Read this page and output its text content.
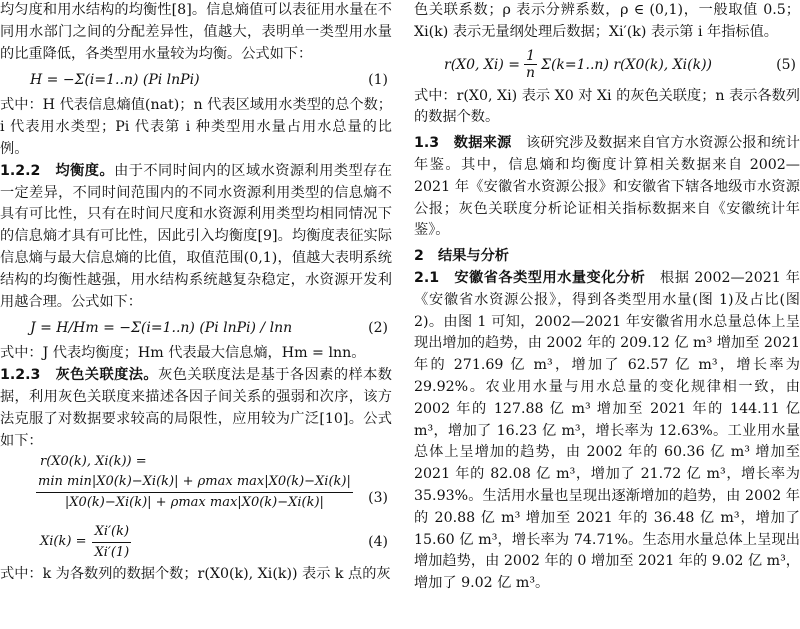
均匀度和用水结构的均衡性[8]。信息熵值可以表征用水量在不同用水部门之间的分配差异性，值越大，表明单一类型用水量的比重降低，各类型用水量较为均衡。公式如下：

H = −Σ(i=1..n) (Pi lnPi)	(1)

式中：H 代表信息熵值(nat)；n 代表区域用水类型的总个数；i 代表用水类型；Pi 代表第 i 种类型用水量占用水总量的比例。

1.2.2　均衡度。由于不同时间内的区域水资源利用类型存在一定差异，不同时间范围内的不同水资源利用类型的信息熵不具有可比性，只有在时间尺度和水资源利用类型均相同情况下的信息熵才具有可比性，因此引入均衡度[9]。均衡度表征实际信息熵与最大信息熵的比值，取值范围(0,1)，值越大表明系统结构的均衡性越强，用水结构系统越复杂稳定，水资源开发利用越合理。公式如下：

J = H/Hm = −Σ(i=1..n) (Pi lnPi) / lnn	(2)

式中：J 代表均衡度；Hm 代表最大信息熵，Hm = lnn。

1.2.3　灰色关联度法。灰色关联度法是基于各因素的样本数据，利用灰色关联度来描述各因子间关系的强弱和次序，该方法克服了对数据要求较高的局限性，应用较为广泛[10]。公式如下：

r(X0(k), Xi(k)) =
$\frac{\text{min min|X0(k)−Xi(k)| + ρmax max|X0(k)−Xi(k)|}}{\text{|X0(k)−Xi(k)| + ρmax max|X0(k)−Xi(k)|}} (3)$
$Xi(k) = \frac{Xi'(k)}{Xi'(1)}$	(4)

式中：k 为各数列的数据个数；r(X0(k), Xi(k)) 表示 k 点的灰

色关联系数；ρ 表示分辨系数，ρ ∈ (0,1)，一般取值 0.5；Xi(k) 表示无量纲处理后数据；Xi′(k) 表示第 i 年指标值。

r(X0, $Xi) = \frac{1}{n} \Sigma(k=1..n)$ r(X0(k), Xi(k))	(5)

式中：r(X0, Xi) 表示 X0 对 Xi 的灰色关联度；n 表示各数列的数据个数。

1.3　数据来源　 该研究涉及数据来自官方水资源公报和统计年鉴。其中，信息熵和均衡度计算相关数据来自 2002—2021 年《安徽省水资源公报》和安徽省下辖各地级市水资源公报；灰色关联度分析论证相关指标数据来自《安徽统计年鉴》。

2　结果与分析

2.1　安徽省各类型用水量变化分析　 根据 2002—2021 年《安徽省水资源公报》，得到各类型用水量(图 1)及占比(图 2)。由图 1 可知，2002—2021 年安徽省用水总量总体上呈现出增加的趋势，由 2002 年的 209.12 亿 m³ 增加至 2021 年的 271.69 亿 m³，增加了 62.57 亿 m³，增长率为 29.92%。农业用水量与用水总量的变化规律相一致，由 2002 年的 127.88 亿 m³ 增加至 2021 年的 144.11 亿 m³，增加了 16.23 亿 m³，增长率为 12.63%。工业用水量总体上呈增加的趋势，由 2002 年的 60.36 亿 m³ 增加至 2021 年的 82.08 亿 m³，增加了 21.72 亿 m³，增长率为 35.93%。生活用水量也呈现出逐渐增加的趋势，由 2002 年的 20.88 亿 m³ 增加至 2021 年的 36.48 亿 m³，增加了 15.60 亿 m³，增长率为 74.71%。生态用水量总体上呈现出增加趋势，由 2002 年的 0 增加至 2021 年的 9.02 亿 m³，增加了 9.02 亿 m³。
